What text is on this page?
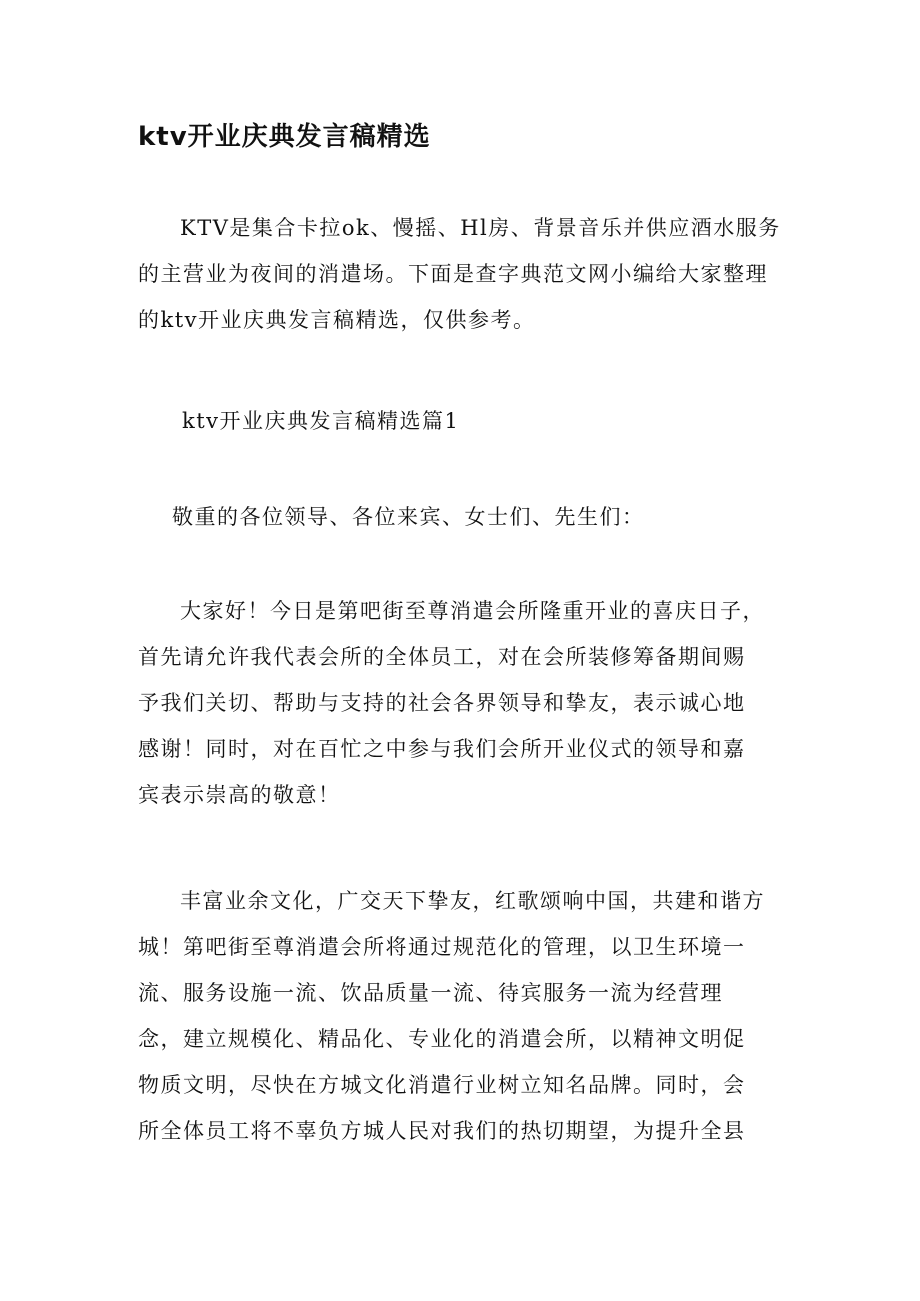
ktv开业庆典发言稿精选
KTV是集合卡拉ok、慢摇、Hl房、背景音乐并供应酒水服务
的主营业为夜间的消遣场。下面是查字典范文网小编给大家整理
的ktv开业庆典发言稿精选，仅供参考。
ktv开业庆典发言稿精选篇1
敬重的各位领导、各位来宾、女士们、先生们：
大家好！今日是第吧街至尊消遣会所隆重开业的喜庆日子，
首先请允许我代表会所的全体员工，对在会所装修筹备期间赐
予我们关切、帮助与支持的社会各界领导和挚友，表示诚心地
感谢！同时，对在百忙之中参与我们会所开业仪式的领导和嘉
宾表示崇高的敬意！
丰富业余文化，广交天下挚友，红歌颂响中国，共建和谐方
城！第吧街至尊消遣会所将通过规范化的管理，以卫生环境一
流、服务设施一流、饮品质量一流、待宾服务一流为经营理
念，建立规模化、精品化、专业化的消遣会所，以精神文明促
物质文明，尽快在方城文化消遣行业树立知名品牌。同时，会
所全体员工将不辜负方城人民对我们的热切期望，为提升全县
